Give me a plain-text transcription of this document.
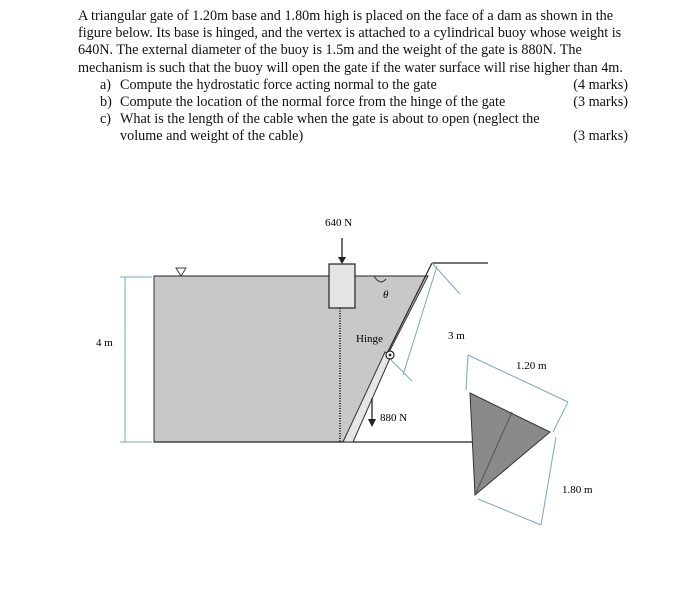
A triangular gate of 1.20m base and 1.80m high is placed on the face of a dam as shown in the figure below. Its base is hinged, and the vertex is attached to a cylindrical buoy whose weight is 640N. The external diameter of the buoy is 1.5m and the weight of the gate is 880N. The mechanism is such that the buoy will open the gate if the water surface will rise higher than 4m.

a) Compute the hydrostatic force acting normal to the gate	(4 marks)
b) Compute the location of the normal force from the hinge of the gate	(3 marks)
c) What is the length of the cable when the gate is about to open (neglect the volume and weight of the cable)	(3 marks)
640 N
4 m
θ
Hinge	3 m
880 N
1.20 m
1.80 m
